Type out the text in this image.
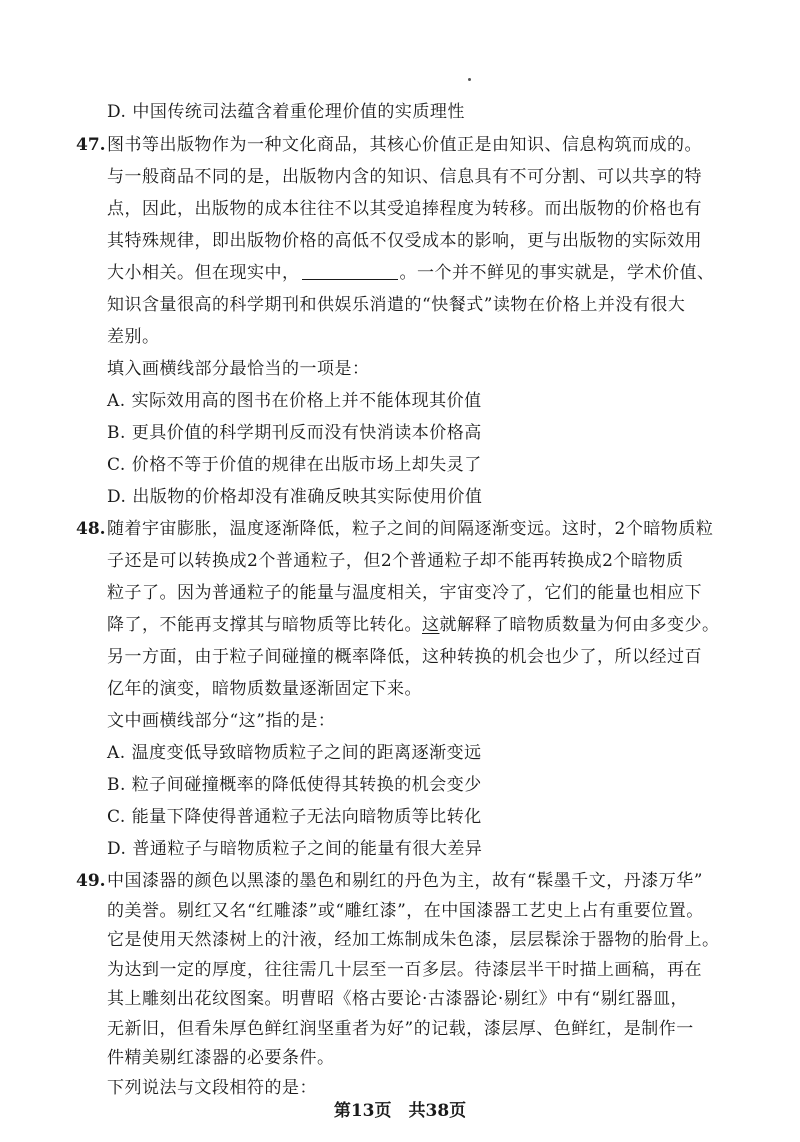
D. 中国传统司法蕴含着重伦理价值的实质理性
47. 图书等出版物作为一种文化商品，其核心价值正是由知识、信息构筑而成的。
与一般商品不同的是，出版物内含的知识、信息具有不可分割、可以共享的特
点，因此，出版物的成本往往不以其受追捧程度为转移。而出版物的价格也有
其特殊规律，即出版物价格的高低不仅受成本的影响，更与出版物的实际效用
大小相关。但在现实中，	。一个并不鲜见的事实就是，学术价值、
知识含量很高的科学期刊和供娱乐消遣的“快餐式”读物在价格上并没有很大
差别。
填入画横线部分最恰当的一项是：
A. 实际效用高的图书在价格上并不能体现其价值
B. 更具价值的科学期刊反而没有快消读本价格高
C. 价格不等于价值的规律在出版市场上却失灵了
D. 出版物的价格却没有准确反映其实际使用价值
48. 随着宇宙膨胀，温度逐渐降低，粒子之间的间隔逐渐变远。这时，2个暗物质粒
子还是可以转换成2个普通粒子，但2个普通粒子却不能再转换成2个暗物质
粒子了。因为普通粒子的能量与温度相关，宇宙变冷了，它们的能量也相应下
降了，不能再支撑其与暗物质等比转化。这就解释了暗物质数量为何由多变少。
另一方面，由于粒子间碰撞的概率降低，这种转换的机会也少了，所以经过百
亿年的演变，暗物质数量逐渐固定下来。
文中画横线部分“这”指的是：
A. 温度变低导致暗物质粒子之间的距离逐渐变远
B. 粒子间碰撞概率的降低使得其转换的机会变少
C. 能量下降使得普通粒子无法向暗物质等比转化
D. 普通粒子与暗物质粒子之间的能量有很大差异
49. 中国漆器的颜色以黑漆的墨色和剔红的丹色为主，故有“髹墨千文，丹漆万华”
的美誉。剔红又名“红雕漆”或“雕红漆”，在中国漆器工艺史上占有重要位置。
它是使用天然漆树上的汁液，经加工炼制成朱色漆，层层髹涂于器物的胎骨上。
为达到一定的厚度，往往需几十层至一百多层。待漆层半干时描上画稿，再在
其上雕刻出花纹图案。明曹昭《格古要论·古漆器论·剔红》中有“剔红器皿，
无新旧，但看朱厚色鲜红润坚重者为好”的记载，漆层厚、色鲜红，是制作一
第13页　共38页
件精美剔红漆器的必要条件。
下列说法与文段相符的是：
